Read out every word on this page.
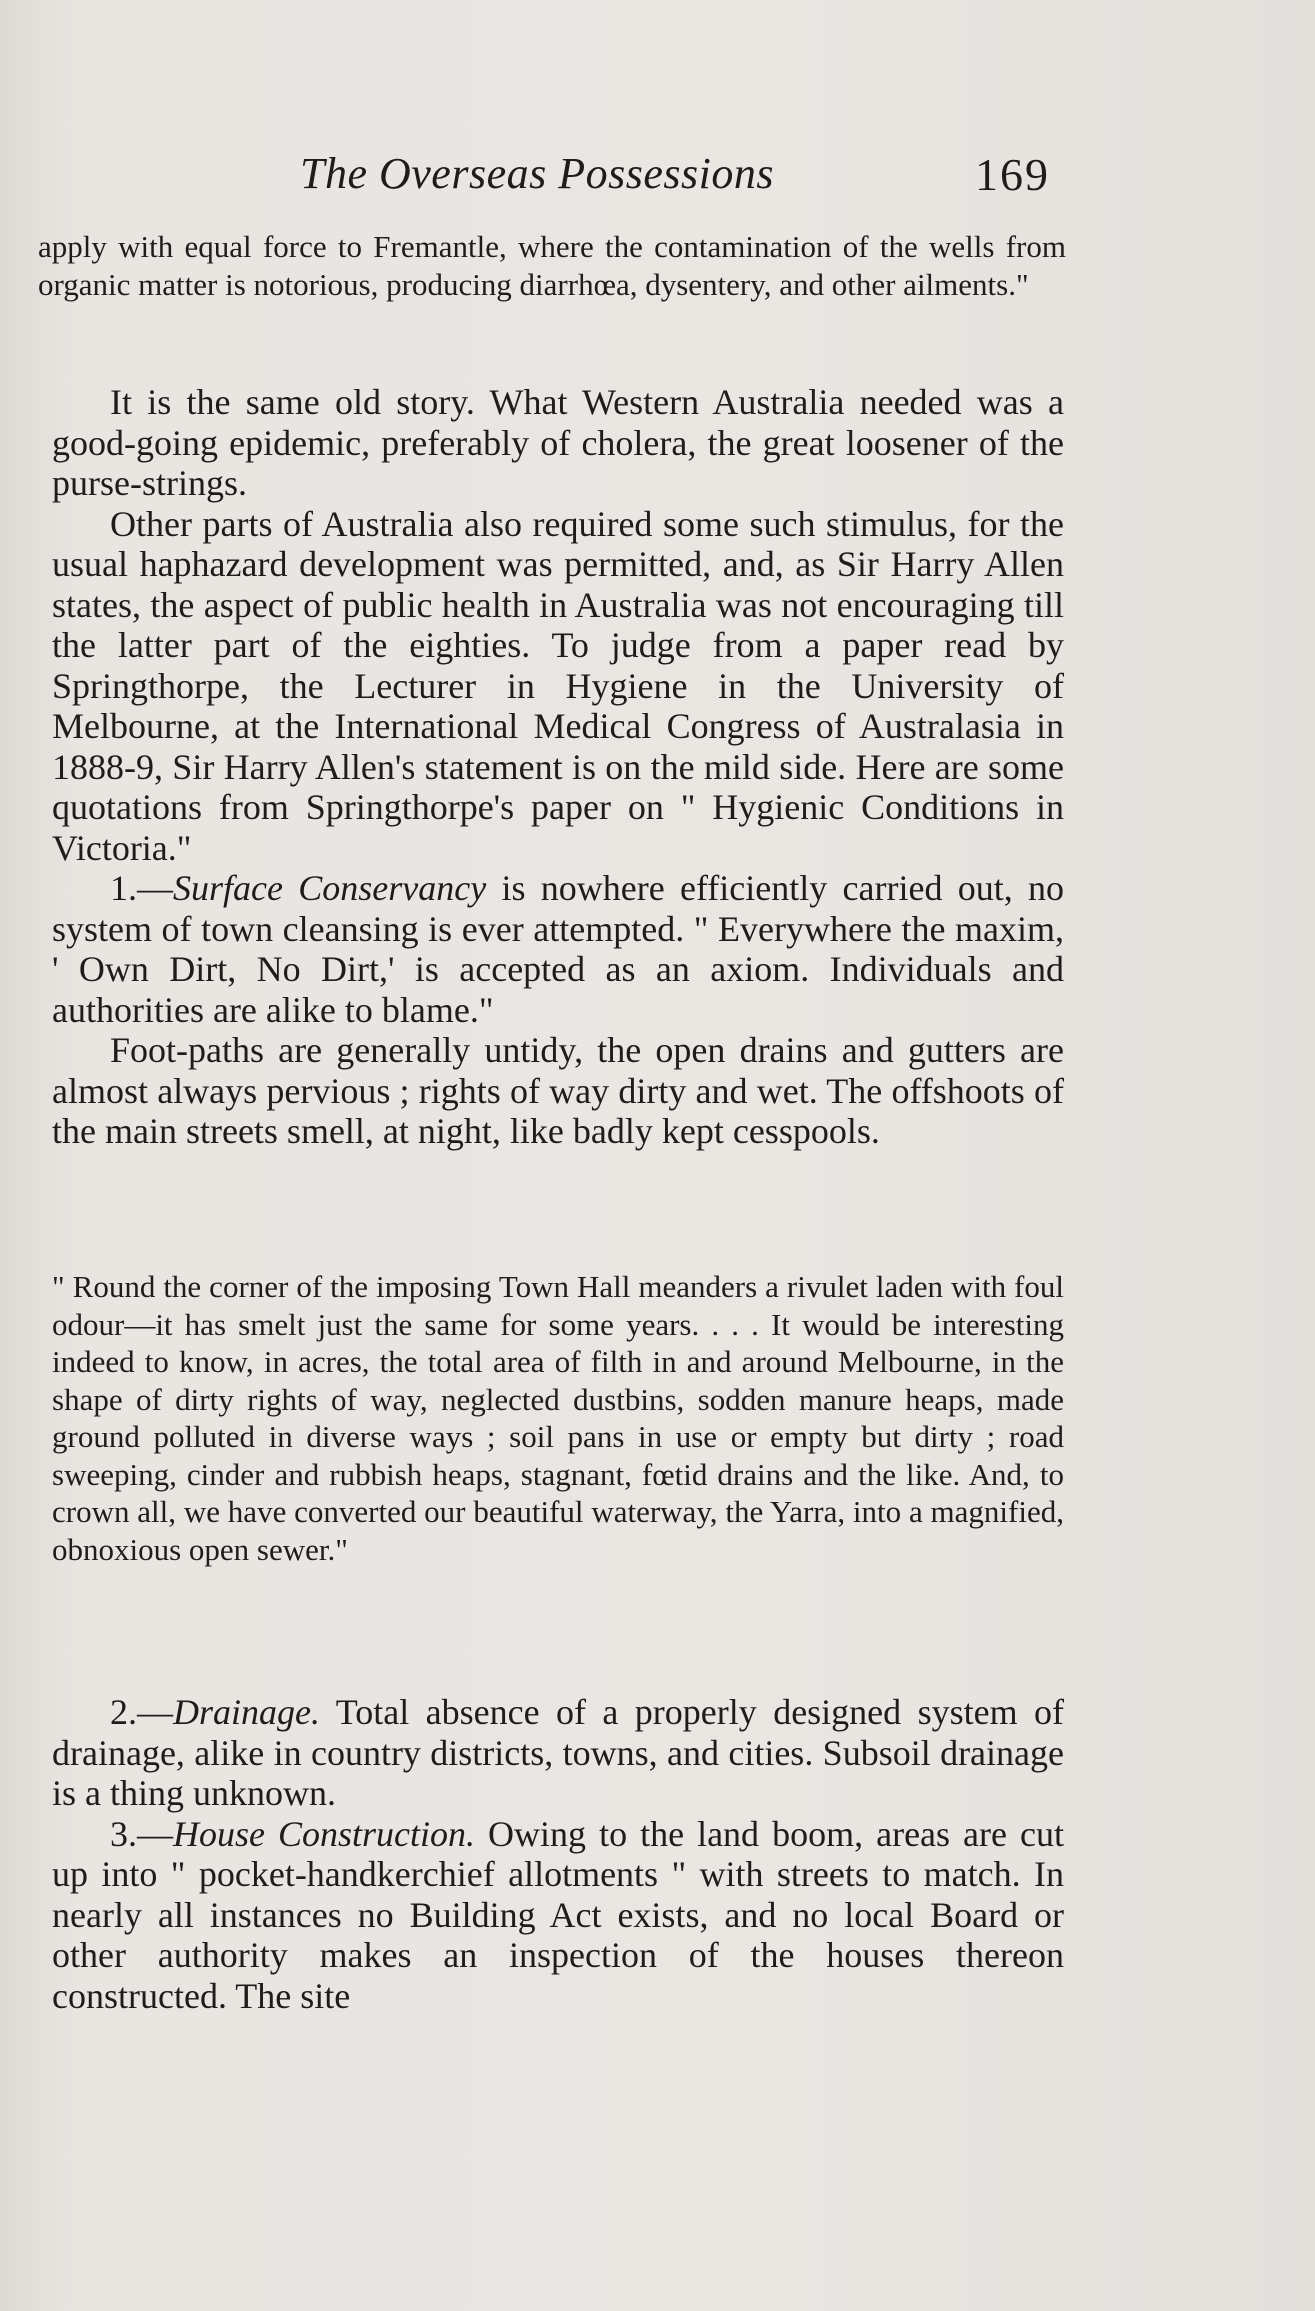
The Overseas Possessions	169

apply with equal force to Fremantle, where the contamination of the wells from organic matter is notorious, producing diarrhœa, dysentery, and other ailments."

It is the same old story. What Western Australia needed was a good-going epidemic, preferably of cholera, the great loosener of the purse-strings.

Other parts of Australia also required some such stimulus, for the usual haphazard development was permitted, and, as Sir Harry Allen states, the aspect of public health in Australia was not encouraging till the latter part of the eighties. To judge from a paper read by Springthorpe, the Lecturer in Hygiene in the University of Melbourne, at the International Medical Congress of Australasia in 1888-9, Sir Harry Allen's statement is on the mild side. Here are some quotations from Springthorpe's paper on " Hygienic Conditions in Victoria."

1.—Surface Conservancy is nowhere efficiently carried out, no system of town cleansing is ever attempted. " Everywhere the maxim, ' Own Dirt, No Dirt,' is accepted as an axiom. Individuals and authorities are alike to blame."

Foot-paths are generally untidy, the open drains and gutters are almost always pervious ; rights of way dirty and wet. The offshoots of the main streets smell, at night, like badly kept cesspools.

" Round the corner of the imposing Town Hall meanders a rivulet laden with foul odour—it has smelt just the same for some years. . . . It would be interesting indeed to know, in acres, the total area of filth in and around Melbourne, in the shape of dirty rights of way, neglected dustbins, sodden manure heaps, made ground polluted in diverse ways ; soil pans in use or empty but dirty ; road sweeping, cinder and rubbish heaps, stagnant, fœtid drains and the like. And, to crown all, we have converted our beautiful waterway, the Yarra, into a magnified, obnoxious open sewer."

2.—Drainage. Total absence of a properly designed system of drainage, alike in country districts, towns, and cities. Subsoil drainage is a thing unknown.

3.—House Construction. Owing to the land boom, areas are cut up into " pocket-handkerchief allotments " with streets to match. In nearly all instances no Building Act exists, and no local Board or other authority makes an inspection of the houses thereon constructed. The site
